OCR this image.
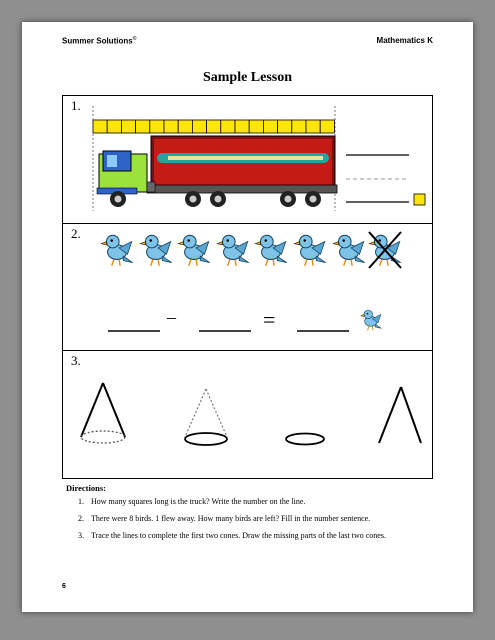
Summer Solutions©	Mathematics K
Sample Lesson
1.
2.
–	=
3.
Directions:
1. How many squares long is the truck? Write the number on the line.
2. There were 8 birds. 1 flew away. How many birds are left? Fill in the number sentence.
3. Trace the lines to complete the first two cones. Draw the missing parts of the last two cones.
6
